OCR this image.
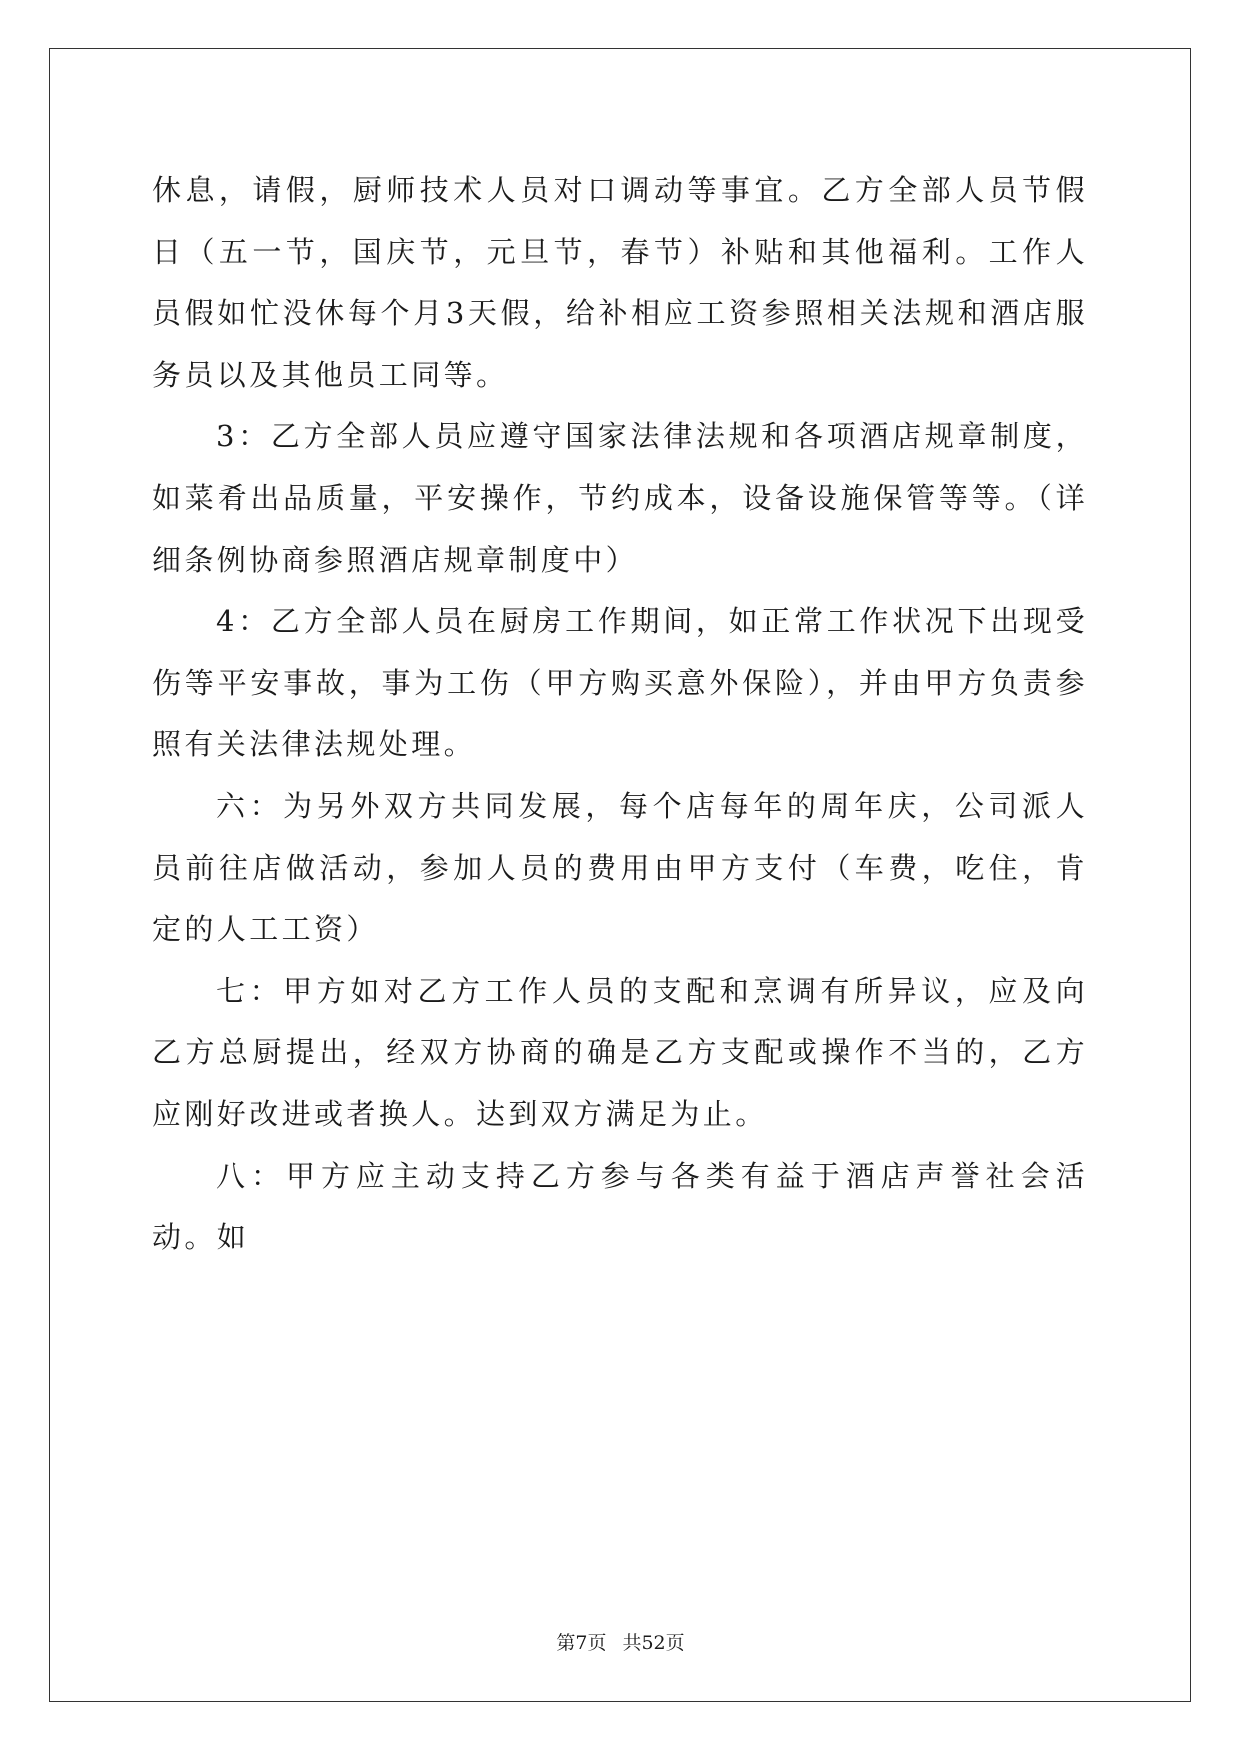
休息，请假，厨师技术人员对口调动等事宜。乙方全部人员节假日（五一节，国庆节，元旦节，春节）补贴和其他福利。工作人员假如忙没休每个月3天假，给补相应工资参照相关法规和酒店服务员以及其他员工同等。

3：乙方全部人员应遵守国家法律法规和各项酒店规章制度，如菜肴出品质量，平安操作，节约成本，设备设施保管等等。（详细条例协商参照酒店规章制度中）

4：乙方全部人员在厨房工作期间，如正常工作状况下出现受伤等平安事故，事为工伤（甲方购买意外保险），并由甲方负责参照有关法律法规处理。

六：为另外双方共同发展，每个店每年的周年庆，公司派人员前往店做活动，参加人员的费用由甲方支付（车费，吃住，肯定的人工工资）

七：甲方如对乙方工作人员的支配和烹调有所异议，应及向乙方总厨提出，经双方协商的确是乙方支配或操作不当的，乙方应刚好改进或者换人。达到双方满足为止。

八：甲方应主动支持乙方参与各类有益于酒店声誉社会活动。如

第7页 共52页
